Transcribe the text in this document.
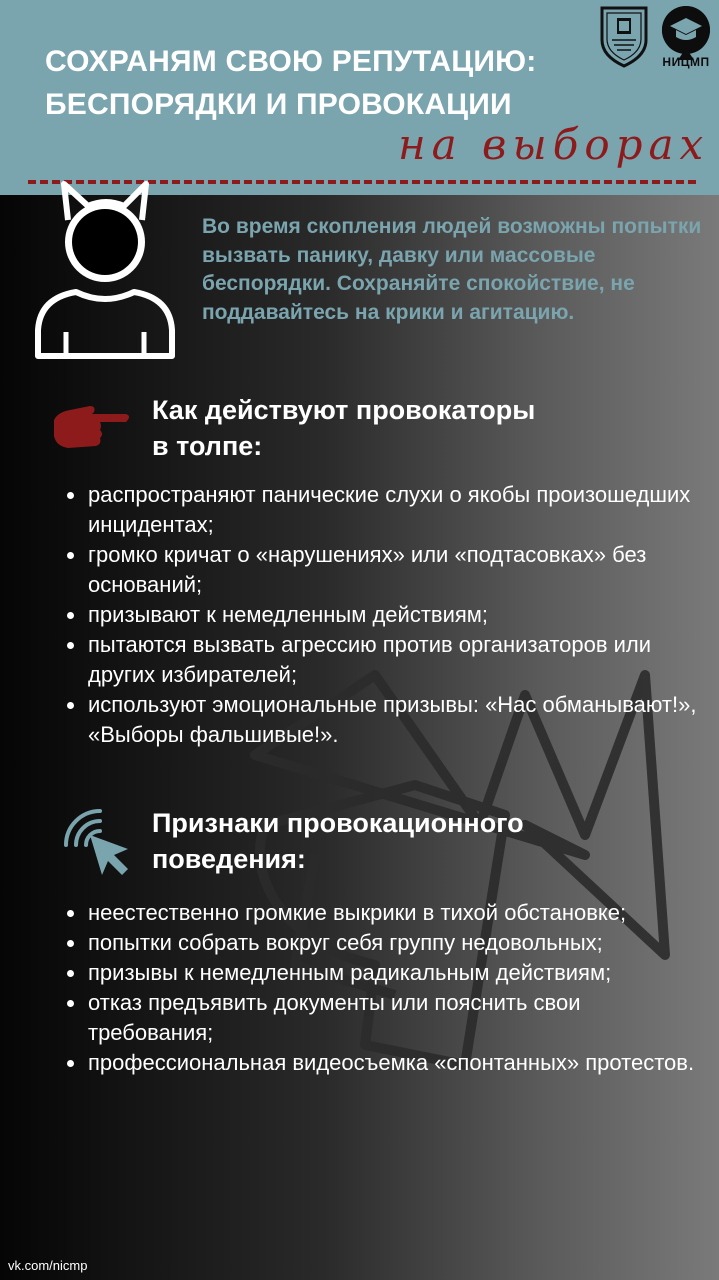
СОХРАНЯМ СВОЮ РЕПУТАЦИЮ:
БЕСПОРЯДКИ И ПРОВОКАЦИИ
на выборах
НИЦМП
Во время скопления людей возможны попытки вызвать панику, давку или массовые беспорядки. Сохраняйте спокойствие, не поддавайтесь на крики и агитацию.
Как действуют провокаторы
в толпе:
распространяют панические слухи о якобы произошедших инцидентах;
громко кричат о «нарушениях» или «подтасовках» без оснований;
призывают к немедленным действиям;
пытаются вызвать агрессию против организаторов или других избирателей;
используют эмоциональные призывы: «Нас обманывают!», «Выборы фальшивые!».
Признаки провокационного
поведения:
неестественно громкие выкрики в тихой обстановке;
попытки собрать вокруг себя группу недовольных;
призывы к немедленным радикальным действиям;
отказ предъявить документы или пояснить свои требования;
профессиональная видеосъемка «спонтанных» протестов.
vk.com/nicmp
